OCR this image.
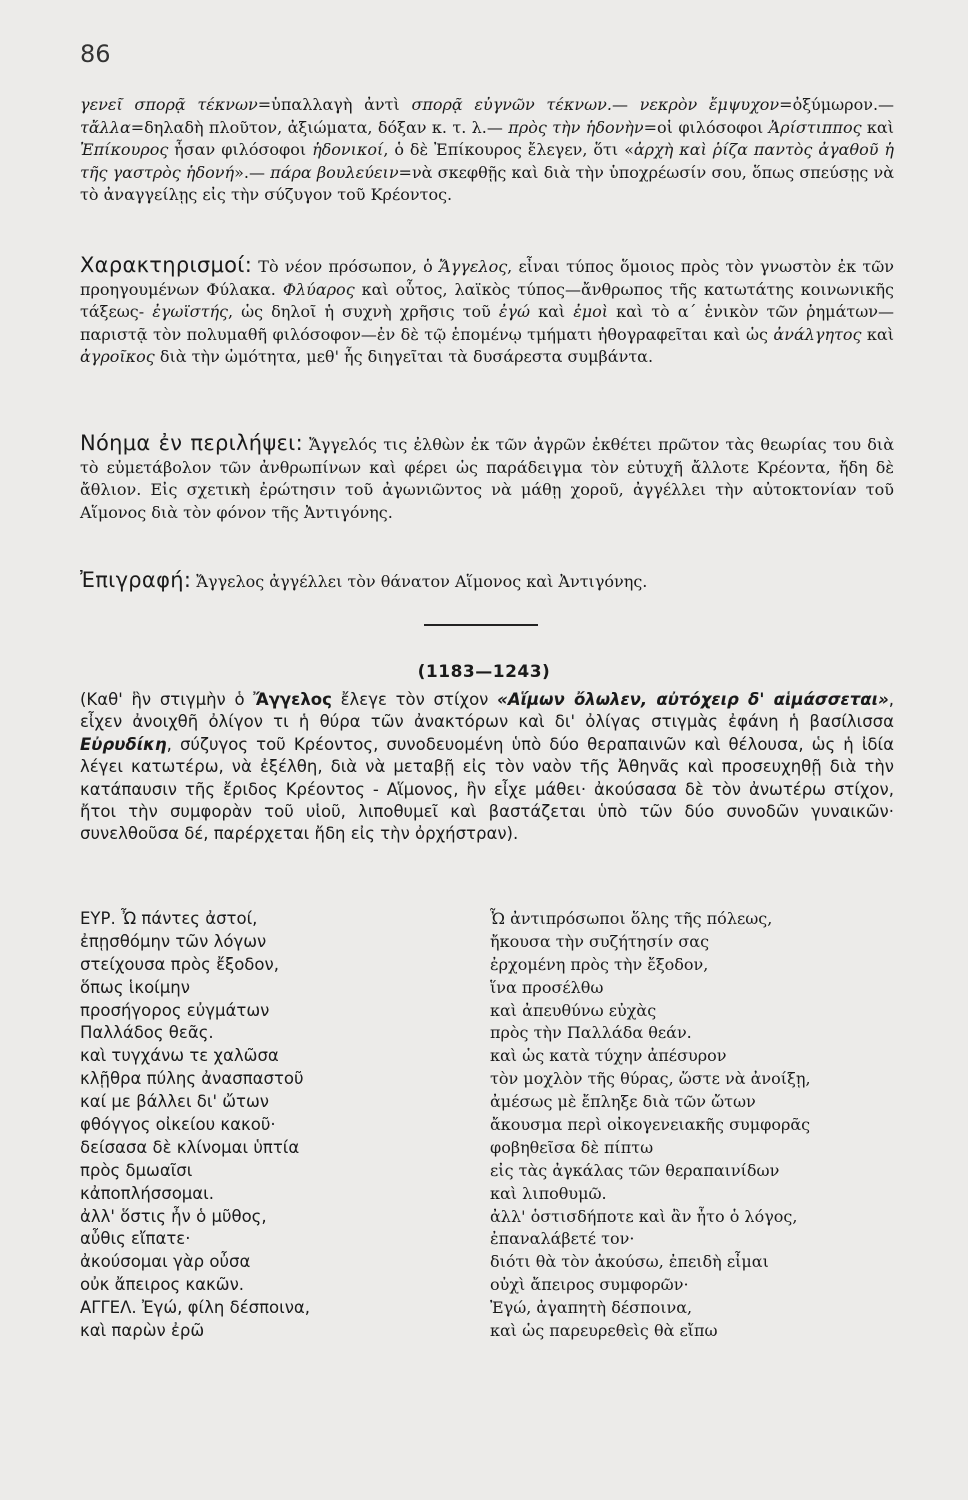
86
γενεῖ σπορᾷ τέκνων=ὑπαλλαγὴ ἀντὶ σπορᾷ εὐγνῶν τέκνων.— νεκρὸν ἔμψυχον=ὀξύμωρον.— τἄλλα=δηλαδὴ πλοῦτον, ἀξιώματα, δόξαν κ. τ. λ.— πρὸς τὴν ἡδονὴν=οἱ φιλόσοφοι Ἀρίστιππος καὶ Ἐπίκουρος ἦσαν φιλόσοφοι ἡδονικοί, ὁ δὲ Ἐπίκουρος ἔλεγεν, ὅτι «ἀρχὴ καὶ ῥίζα παντὸς ἀγαθοῦ ἡ τῆς γαστρὸς ἡδονή».— πάρα βουλεύειν=νὰ σκεφθῇς καὶ διὰ τὴν ὑποχρέωσίν σου, ὅπως σπεύσῃς νὰ τὸ ἀναγγείλῃς εἰς τὴν σύζυγον τοῦ Κρέοντος.
Χαρακτηρισμοί: Τὸ νέον πρόσωπον, ὁ Ἄγγελος, εἶναι τύπος ὅμοιος πρὸς τὸν γνωστὸν ἐκ τῶν προηγουμένων Φύλακα. Φλύαρος καὶ οὗτος, λαϊκὸς τύπος—ἄνθρωπος τῆς κατωτάτης κοινωνικῆς τάξεως- ἐγωϊστής, ὡς δηλοῖ ἡ συχνὴ χρῆσις τοῦ ἐγώ καὶ ἐμοὶ καὶ τὸ α΄ ἑνικὸν τῶν ῥημάτων—παριστᾷ τὸν πολυμαθῆ φιλόσοφον—ἐν δὲ τῷ ἑπομένῳ τμήματι ἠθογραφεῖται καὶ ὡς ἀνάλγητος καὶ ἀγροῖκος διὰ τὴν ὠμότητα, μεθ' ἧς διηγεῖται τὰ δυσάρεστα συμβάντα.
Νόημα ἐν περιλήψει: Ἄγγελός τις ἐλθὼν ἐκ τῶν ἀγρῶν ἐκθέτει πρῶτον τὰς θεωρίας του διὰ τὸ εὐμετάβολον τῶν ἀνθρωπίνων καὶ φέρει ὡς παράδειγμα τὸν εὐτυχῆ ἄλλοτε Κρέοντα, ἤδη δὲ ἄθλιον. Εἰς σχετικὴ ἐρώτησιν τοῦ ἀγωνιῶντος νὰ μάθῃ χοροῦ, ἀγγέλλει τὴν αὐτοκτονίαν τοῦ Αἵμονος διὰ τὸν φόνον τῆς Ἀντιγόνης.
Ἐπιγραφή: Ἄγγελος ἀγγέλλει τὸν θάνατον Αἵμονος καὶ Ἀντιγόνης.
(1183—1243)
(Καθ' ἣν στιγμὴν ὁ Ἄγγελος ἔλεγε τὸν στίχον «Αἵμων ὄλωλεν, αὐτόχειρ δ' αἱμάσσεται», εἶχεν ἀνοιχθῆ ὀλίγον τι ἡ θύρα τῶν ἀνακτόρων καὶ δι' ὀλίγας στιγμὰς ἐφάνη ἡ βασίλισσα Εὐρυδίκη, σύζυγος τοῦ Κρέοντος, συνοδευομένη ὑπὸ δύο θεραπαινῶν καὶ θέλουσα, ὡς ἡ ἰδία λέγει κατωτέρω, νὰ ἐξέλθη, διὰ νὰ μεταβῇ εἰς τὸν ναὸν τῆς Ἀθηνᾶς καὶ προσευχηθῇ διὰ τὴν κατάπαυσιν τῆς ἔριδος Κρέοντος - Αἵμονος, ἣν εἶχε μάθει· ἀκούσασα δὲ τὸν ἀνωτέρω στίχον, ἤτοι τὴν συμφορὰν τοῦ υἱοῦ, λιποθυμεῖ καὶ βαστάζεται ὑπὸ τῶν δύο συνοδῶν γυναικῶν· συνελθοῦσα δέ, παρέρχεται ἤδη εἰς τὴν ὀρχήστραν).
ΕΥΡ. Ὦ πάντες ἀστοί,	Ὦ ἀντιπρόσωποι ὅλης τῆς πόλεως,
ἐπῃσθόμην τῶν λόγων	ἤκουσα τὴν συζήτησίν σας
στείχουσα πρὸς ἔξοδον,	ἐρχομένη πρὸς τὴν ἔξοδον,
ὅπως ἱκοίμην	ἵνα προσέλθω
προσήγορος εὐγμάτων	καὶ ἀπευθύνω εὐχὰς
Παλλάδος θεᾶς.	πρὸς τὴν Παλλάδα θεάν.
καὶ τυγχάνω τε χαλῶσα	καὶ ὡς κατὰ τύχην ἀπέσυρον
κλῇθρα πύλης ἀνασπαστοῦ	τὸν μοχλὸν τῆς θύρας, ὥστε νὰ ἀνοίξῃ,
καί με βάλλει δι' ὤτων	ἀμέσως μὲ ἔπληξε διὰ τῶν ὤτων
φθόγγος οἰκείου κακοῦ·	ἄκουσμα περὶ οἰκογενειακῆς συμφορᾶς
δείσασα δὲ κλίνομαι ὑπτία	φοβηθεῖσα δὲ πίπτω
πρὸς δμωαῖσι	εἰς τὰς ἀγκάλας τῶν θεραπαινίδων
κἀποπλήσσομαι.	καὶ λιποθυμῶ.
ἀλλ' ὅστις ἦν ὁ μῦθος,	ἀλλ' ὁστισδήποτε καὶ ἂν ἦτο ὁ λόγος,
αὖθις εἴπατε·	ἐπαναλάβετέ τον·
ἀκούσομαι γὰρ οὖσα	διότι θὰ τὸν ἀκούσω, ἐπειδὴ εἶμαι
οὐκ ἄπειρος κακῶν.	οὐχὶ ἄπειρος συμφορῶν·
ΑΓΓΕΛ. Ἐγώ, φίλη δέσποινα,	Ἐγώ, ἀγαπητὴ δέσποινα,
καὶ παρὼν ἐρῶ	καὶ ὡς παρευρεθεὶς θὰ εἴπω
